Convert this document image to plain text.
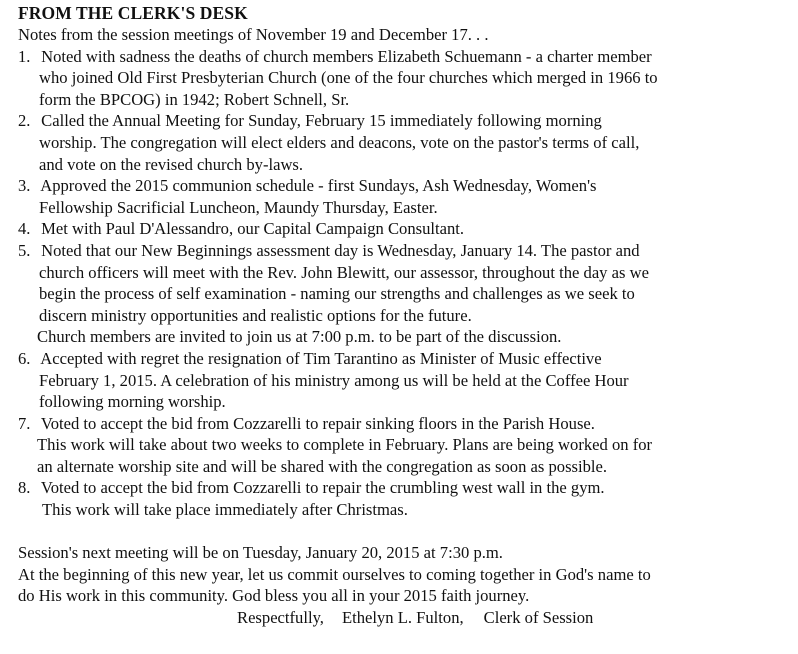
FROM THE CLERK'S DESK

Notes from the session meetings of November 19 and December 17. . .

1. Noted with sadness the deaths of church members Elizabeth Schuemann - a charter member

who joined Old First Presbyterian Church (one of the four churches which merged in 1966 to

form the BPCOG) in 1942; Robert Schnell, Sr.

2. Called the Annual Meeting for Sunday, February 15 immediately following morning

worship. The congregation will elect elders and deacons, vote on the pastor's terms of call,

and vote on the revised church by-laws.

3. Approved the 2015 communion schedule - first Sundays, Ash Wednesday, Women's

Fellowship Sacrificial Luncheon, Maundy Thursday, Easter.

4. Met with Paul D'Alessandro, our Capital Campaign Consultant.

5. Noted that our New Beginnings assessment day is Wednesday, January 14. The pastor and

church officers will meet with the Rev. John Blewitt, our assessor, throughout the day as we

begin the process of self examination - naming our strengths and challenges as we seek to

discern ministry opportunities and realistic options for the future.

Church members are invited to join us at 7:00 p.m. to be part of the discussion.

6. Accepted with regret the resignation of Tim Tarantino as Minister of Music effective

February 1, 2015. A celebration of his ministry among us will be held at the Coffee Hour

following morning worship.

7. Voted to accept the bid from Cozzarelli to repair sinking floors in the Parish House.

This work will take about two weeks to complete in February. Plans are being worked on for

an alternate worship site and will be shared with the congregation as soon as possible.

8. Voted to accept the bid from Cozzarelli to repair the crumbling west wall in the gym.

This work will take place immediately after Christmas.

Session's next meeting will be on Tuesday, January 20, 2015 at 7:30 p.m.

At the beginning of this new year, let us commit ourselves to coming together in God's name to

do His work in this community. God bless you all in your 2015 faith journey.

Respectfully, Ethelyn L. Fulton, Clerk of Session
